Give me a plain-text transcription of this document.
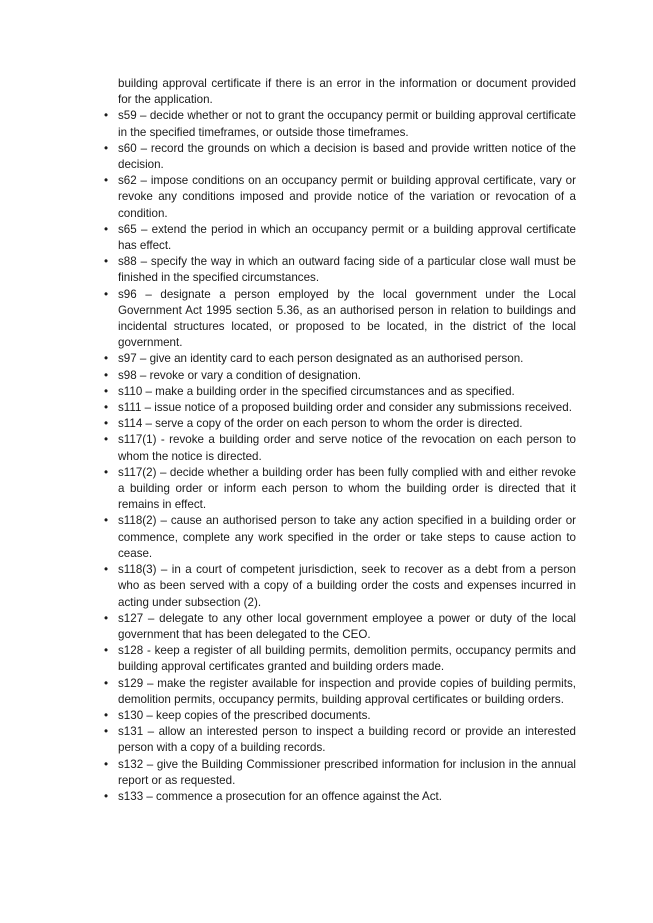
building approval certificate if there is an error in the information or document provided for the application.

• s59 – decide whether or not to grant the occupancy permit or building approval certificate in the specified timeframes, or outside those timeframes.
• s60 – record the grounds on which a decision is based and provide written notice of the decision.
• s62 – impose conditions on an occupancy permit or building approval certificate, vary or revoke any conditions imposed and provide notice of the variation or revocation of a condition.
• s65 – extend the period in which an occupancy permit or a building approval certificate has effect.
• s88 – specify the way in which an outward facing side of a particular close wall must be finished in the specified circumstances.
• s96 – designate a person employed by the local government under the Local Government Act 1995 section 5.36, as an authorised person in relation to buildings and incidental structures located, or proposed to be located, in the district of the local government.
• s97 – give an identity card to each person designated as an authorised person.
• s98 – revoke or vary a condition of designation.
• s110 – make a building order in the specified circumstances and as specified.
• s111 – issue notice of a proposed building order and consider any submissions received.
• s114 – serve a copy of the order on each person to whom the order is directed.
• s117(1) - revoke a building order and serve notice of the revocation on each person to whom the notice is directed.
• s117(2) – decide whether a building order has been fully complied with and either revoke a building order or inform each person to whom the building order is directed that it remains in effect.
• s118(2) – cause an authorised person to take any action specified in a building order or commence, complete any work specified in the order or take steps to cause action to cease.
• s118(3) – in a court of competent jurisdiction, seek to recover as a debt from a person who as been served with a copy of a building order the costs and expenses incurred in acting under subsection (2).
• s127 – delegate to any other local government employee a power or duty of the local government that has been delegated to the CEO.
• s128 - keep a register of all building permits, demolition permits, occupancy permits and building approval certificates granted and building orders made.
• s129 – make the register available for inspection and provide copies of building permits, demolition permits, occupancy permits, building approval certificates or building orders.
• s130 – keep copies of the prescribed documents.
• s131 – allow an interested person to inspect a building record or provide an interested person with a copy of a building records.
• s132 – give the Building Commissioner prescribed information for inclusion in the annual report or as requested.
• s133 – commence a prosecution for an offence against the Act.
